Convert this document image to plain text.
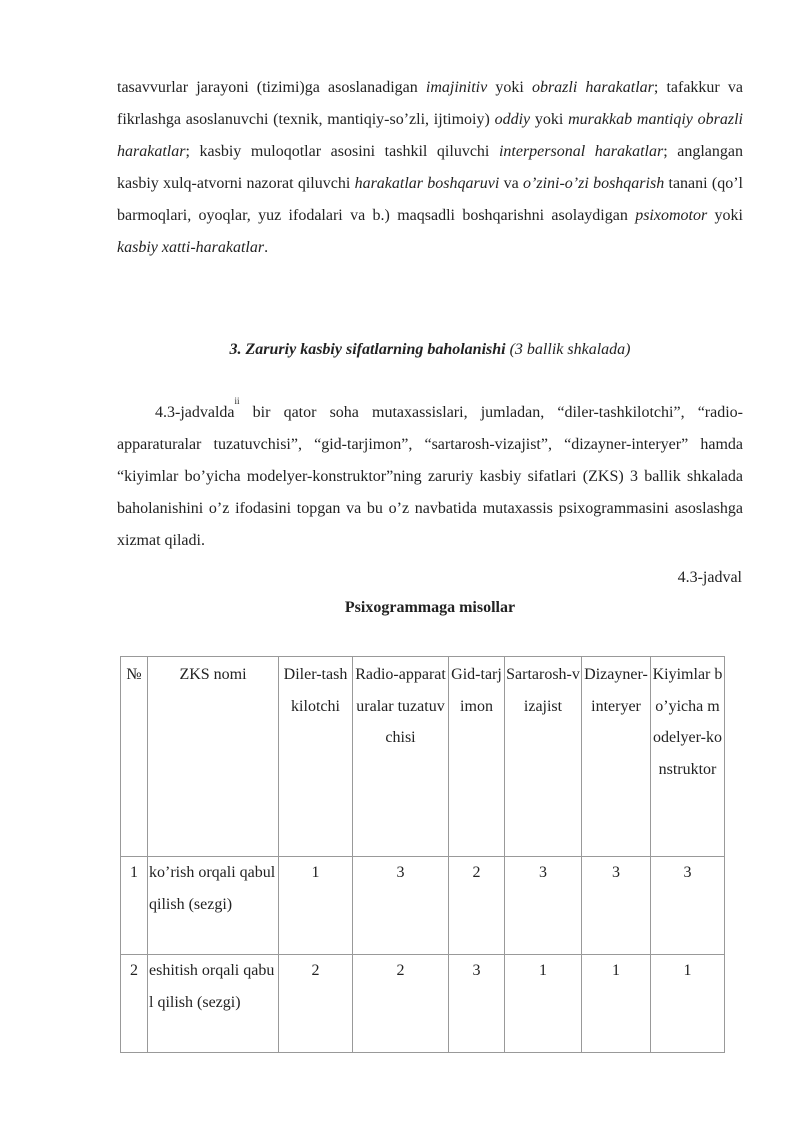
tasavvurlar jarayoni (tizimi)ga asoslanadigan imajinitiv yoki obrazli harakatlar; tafakkur va fikrlashga asoslanuvchi (texnik, mantiqiy-so’zli, ijtimoiy) oddiy yoki murakkab mantiqiy obrazli harakatlar; kasbiy muloqotlar asosini tashkil qiluvchi interpersonal harakatlar; anglangan kasbiy xulq-atvorni nazorat qiluvchi harakatlar boshqaruvi va o’zini-o’zi boshqarish tanani (qo’l barmoqlari, oyoqlar, yuz ifodalari va b.) maqsadli boshqarishni asolaydigan psixomotor yoki kasbiy xatti-harakatlar.
3. Zaruriy kasbiy sifatlarning baholanishi (3 ballik shkalada)
4.3-jadvalda$^{ii}$ bir qator soha mutaxassislari, jumladan, “diler-tashkilotchi”, “radio-apparaturalar tuzatuvchisi”, “gid-tarjimon”, “sartarosh-vizajist”, “dizayner-interyer” hamda “kiyimlar bo’yicha modelyer-konstruktor”ning zaruriy kasbiy sifatlari (ZKS) 3 ballik shkalada baholanishini o’z ifodasini topgan va bu o’z navbatida mutaxassis psixogrammasini asoslashga xizmat qiladi.
4.3-jadval
Psixogrammaga misollar
№	ZKS nomi	Diler-tashkilotchi	Radio-apparaturalar tuzatuvchisi	Gid-tarjimon	Sartarosh-vizajist	Dizayner-interyer	Kiyimlar bo’yicha modelyer-konstruktor
1	ko’rish orqali qabul qilish (sezgi)	1	3	2	3	3	3
2	eshitish orqali qabul qilish (sezgi)	2	2	3	1	1	1
